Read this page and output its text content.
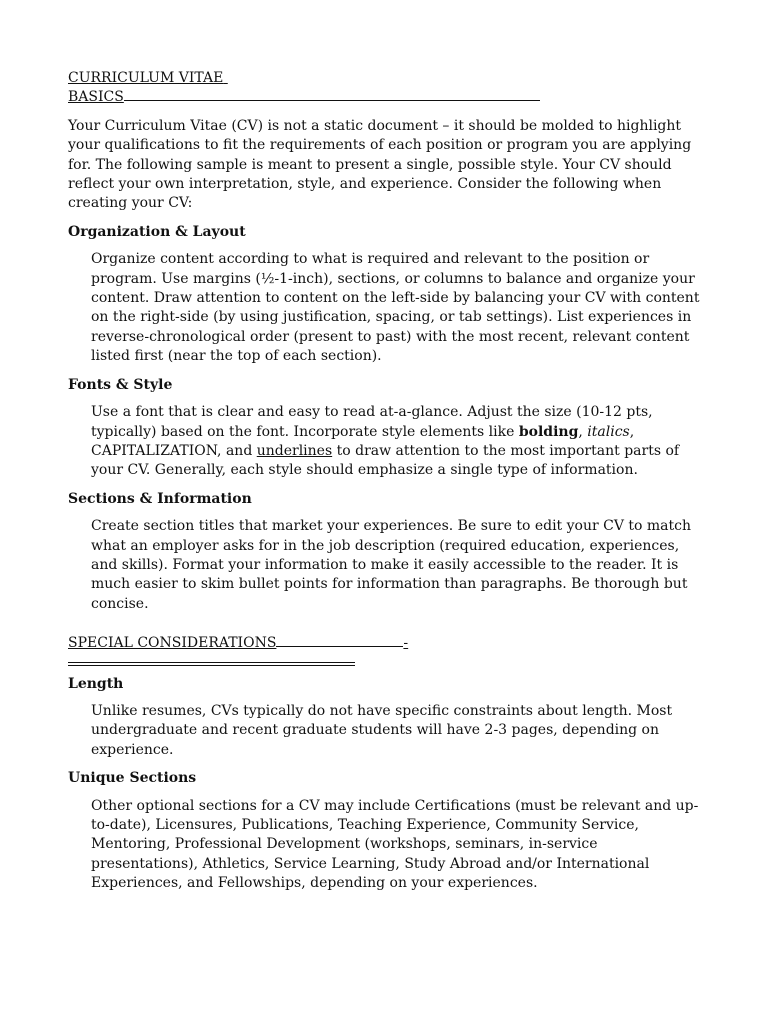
CURRICULUM VITAE
BASICS

Your Curriculum Vitae (CV) is not a static document – it should be molded to highlight your qualifications to fit the requirements of each position or program you are applying for. The following sample is meant to present a single, possible style. Your CV should reflect your own interpretation, style, and experience. Consider the following when creating your CV:

Organization & Layout

Organize content according to what is required and relevant to the position or program. Use margins (½-1-inch), sections, or columns to balance and organize your content. Draw attention to content on the left-side by balancing your CV with content on the right-side (by using justification, spacing, or tab settings). List experiences in reverse-chronological order (present to past) with the most recent, relevant content listed first (near the top of each section).

Fonts & Style

Use a font that is clear and easy to read at-a-glance. Adjust the size (10-12 pts, typically) based on the font. Incorporate style elements like bolding, italics, CAPITALIZATION, and underlines to draw attention to the most important parts of your CV. Generally, each style should emphasize a single type of information.

Sections & Information

Create section titles that market your experiences. Be sure to edit your CV to match what an employer asks for in the job description (required education, experiences, and skills). Format your information to make it easily accessible to the reader. It is much easier to skim bullet points for information than paragraphs. Be thorough but concise.

SPECIAL CONSIDERATIONS	-

Length

Unlike resumes, CVs typically do not have specific constraints about length. Most undergraduate and recent graduate students will have 2-3 pages, depending on experience.

Unique Sections

Other optional sections for a CV may include Certifications (must be relevant and up-to-date), Licensures, Publications, Teaching Experience, Community Service, Mentoring, Professional Development (workshops, seminars, in-service presentations), Athletics, Service Learning, Study Abroad and/or International Experiences, and Fellowships, depending on your experiences.
